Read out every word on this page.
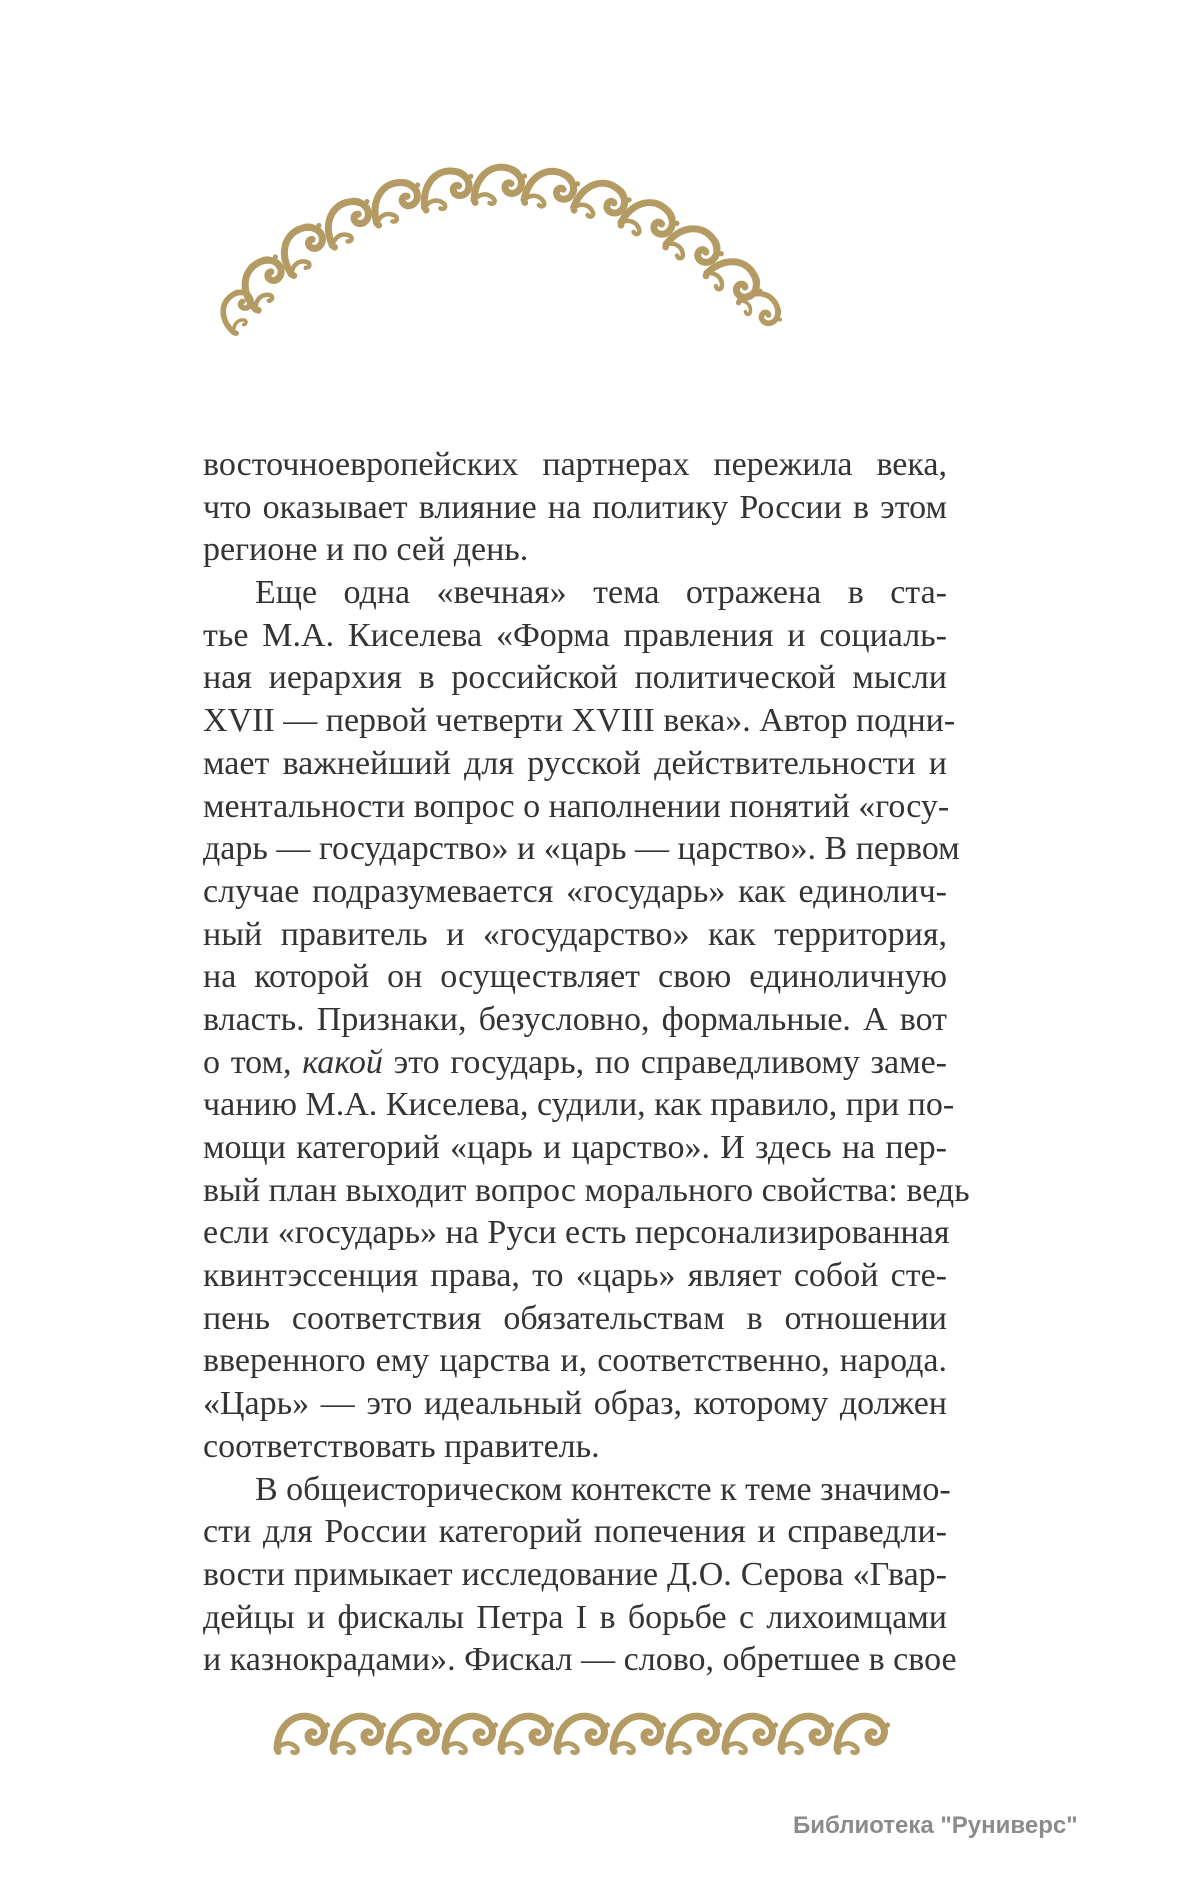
восточноевропейских партнерах пережила века,
что оказывает влияние на политику России в этом
регионе и по сей день.
Еще одна «вечная» тема отражена в ста-
тье М.А. Киселева «Форма правления и социаль-
ная иерархия в российской политической мысли
XVII — первой четверти XVIII века». Автор подни-
мает важнейший для русской действительности и
ментальности вопрос о наполнении понятий «госу-
дарь — государство» и «царь — царство». В первом
случае подразумевается «государь» как единолич-
ный правитель и «государство» как территория,
на которой он осуществляет свою единоличную
власть. Признаки, безусловно, формальные. А вот
о том, какой это государь, по справедливому заме-
чанию М.А. Киселева, судили, как правило, при по-
мощи категорий «царь и царство». И здесь на пер-
вый план выходит вопрос морального свойства: ведь
если «государь» на Руси есть персонализированная
квинтэссенция права, то «царь» являет собой сте-
пень соответствия обязательствам в отношении
вверенного ему царства и, соответственно, народа.
«Царь» — это идеальный образ, которому должен
соответствовать правитель.
В общеисторическом контексте к теме значимо-
сти для России категорий попечения и справедли-
вости примыкает исследование Д.О. Серова «Гвар-
дейцы и фискалы Петра I в борьбе с лихоимцами
и казнокрадами». Фискал — слово, обретшее в свое
Библиотека "Руниверс"
